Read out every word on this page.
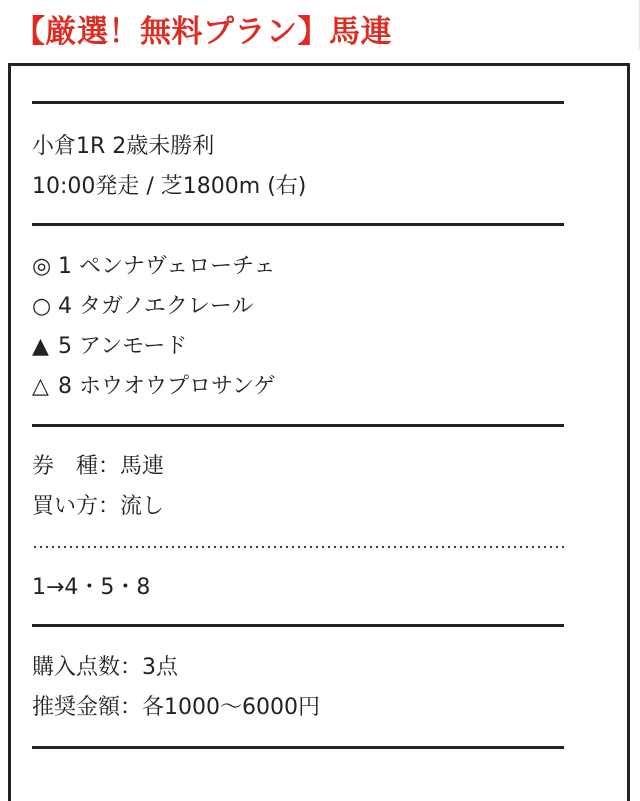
【厳選！無料プラン】馬連
小倉1R 2歳未勝利
10:00発走 / 芝1800m (右)
◎ 1 ペンナヴェローチェ
○ 4 タガノエクレール
▲ 5 アンモード
△ 8 ホウオウプロサンゲ
券　種：馬連
買い方：流し
1→4・5・8
購入点数：3点
推奨金額：各1000〜6000円
